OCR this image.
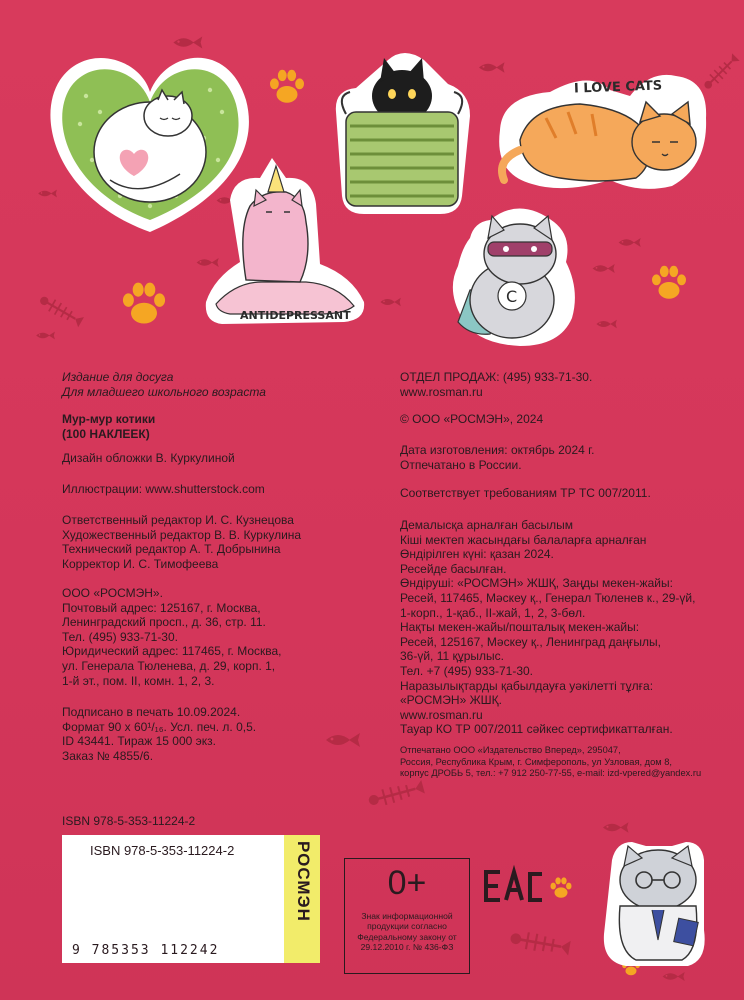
I LOVE CATS
ANTIDEPRESSANT
C
Издание для досуга
Для младшего школьного возраста
Мур-мур котики
(100 НАКЛЕЕК)
Дизайн обложки В. Куркулиной
Иллюстрации: www.shutterstock.com
Ответственный редактор И. С. Кузнецова
Художественный редактор В. В. Куркулина
Технический редактор А. Т. Добрынина
Корректор И. С. Тимофеева
ООО «РОСМЭН».
Почтовый адрес: 125167, г. Москва,
Ленинградский просп., д. 36, стр. 11.
Тел. (495) 933-71-30.
Юридический адрес: 117465, г. Москва,
ул. Генерала Тюленева, д. 29, корп. 1,
1-й эт., пом. II, комн. 1, 2, 3.
Подписано в печать 10.09.2024.
Формат 90 х 60¹/₁₆. Усл. печ. л. 0,5.
ID 43441. Тираж 15 000 экз.
Заказ № 4855/6.
ISBN 978-5-353-11224-2
ОТДЕЛ ПРОДАЖ: (495) 933-71-30.
www.rosman.ru
© ООО «РОСМЭН», 2024
Дата изготовления: октябрь 2024 г.
Отпечатано в России.
Соответствует требованиям ТР ТС 007/2011.
Демалысқа арналған басылым
Кіші мектеп жасындағы балаларға арналған
Өндірілген күні: қазан 2024.
Ресейде басылған.
Өндіруші: «РОСМЭН» ЖШҚ, Заңды мекен-жайы:
Ресей, 117465, Мәскеу қ., Генерал Тюленев к., 29-үй,
1-корп., 1-қаб., II-жай, 1, 2, 3-бөл.
Нақты мекен-жайы/пошталық мекен-жайы:
Ресей, 125167, Мәскеу қ., Ленинград даңғылы,
36-үй, 11 құрылыс.
Тел. +7 (495) 933-71-30.
Наразылықтарды қабылдауға уәкілетті тұлға:
«РОСМЭН» ЖШҚ.
www.rosman.ru
Тауар КО ТР 007/2011 сәйкес сертификатталған.
Отпечатано ООО «Издательство Вперед», 295047,
Россия, Республика Крым, г. Симферополь, ул Узловая, дом 8,
корпус ДРОБЬ 5, тел.: +7 912 250-77-55, e-mail: izd-vpered@yandex.ru
ISBN 978-5-353-11224-2
9 785353 112242
РОСМЭН	0+
Знак информационной продукции согласно Федеральному закону от 29.12.2010 г. № 436-ФЗ
